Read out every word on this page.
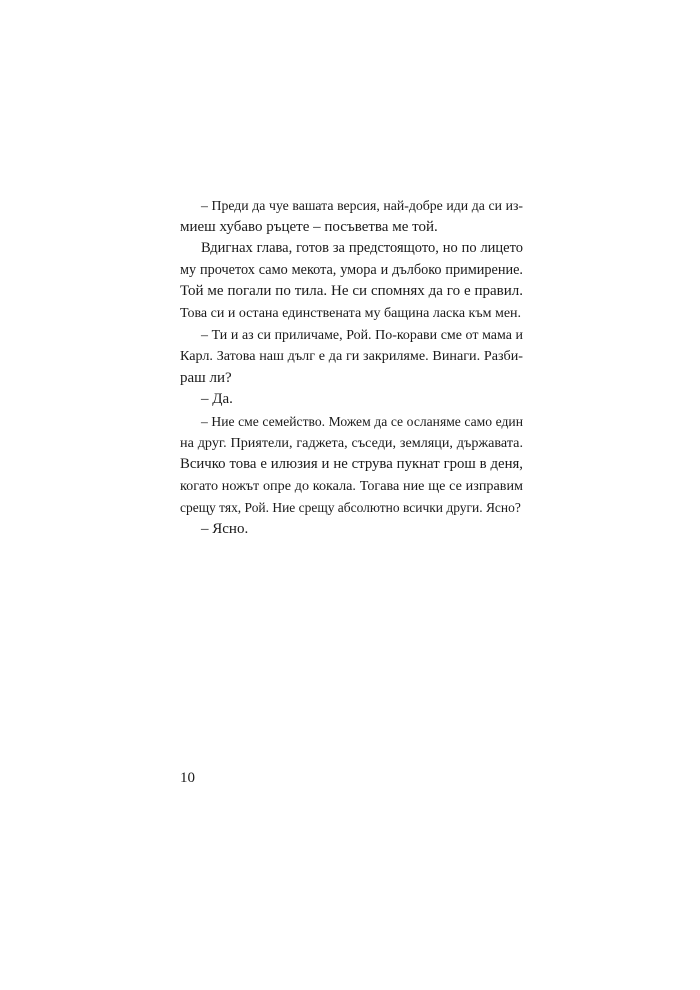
– Преди да чуе вашата версия, най-добре иди да си из-
миеш хубаво ръцете – посъветва ме той.
Вдигнах глава, готов за предстоящото, но по лицето
му прочетох само мекота, умора и дълбоко примирение.
Той ме погали по тила. Не си спомнях да го е правил.
Това си и остана единствената му бащина ласка към мен.
– Ти и аз си приличаме, Рой. По-корави сме от мама и
Карл. Затова наш дълг е да ги закриляме. Винаги. Разби-
раш ли?
– Да.
– Ние сме семейство. Можем да се осланяме само един
на друг. Приятели, гаджета, съседи, земляци, държавата.
Всичко това е илюзия и не струва пукнат грош в деня,
когато ножът опре до кокала. Тогава ние ще се изправим
срещу тях, Рой. Ние срещу абсолютно всички други. Ясно?
– Ясно.
10
